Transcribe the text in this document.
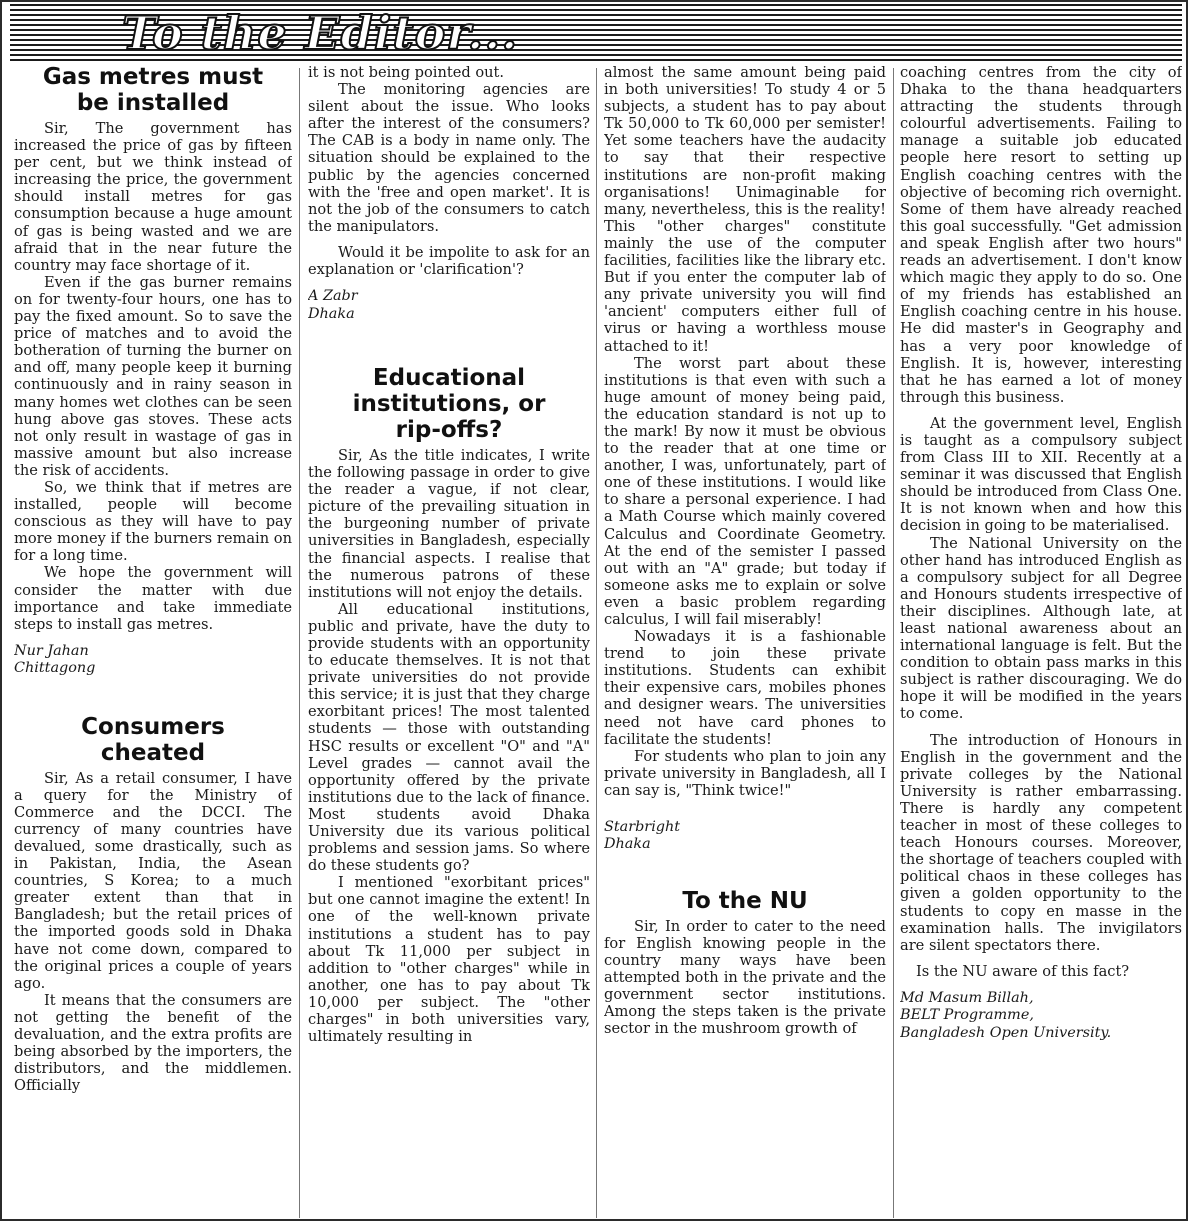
To the Editor...
Gas metres must
be installed

Sir, The government has increased the price of gas by fifteen per cent, but we think instead of increasing the price, the government should install metres for gas consumption because a huge amount of gas is being wasted and we are afraid that in the near future the country may face shortage of it.

Even if the gas burner remains on for twenty-four hours, one has to pay the fixed amount. So to save the price of matches and to avoid the botheration of turning the burner on and off, many people keep it burning continuously and in rainy season in many homes wet clothes can be seen hung above gas stoves. These acts not only result in wastage of gas in massive amount but also increase the risk of accidents.

So, we think that if metres are installed, people will become conscious as they will have to pay more money if the burners remain on for a long time.

We hope the government will consider the matter with due importance and take immediate steps to install gas metres.

Nur Jahan

Chittagong

Consumers
cheated

Sir, As a retail consumer, I have a query for the Ministry of Commerce and the DCCI. The currency of many countries have devalued, some drastically, such as in Pakistan, India, the Asean countries, S Korea; to a much greater extent than that in Bangladesh; but the retail prices of the imported goods sold in Dhaka have not come down, compared to the original prices a couple of years ago.

It means that the consumers are not getting the benefit of the devaluation, and the extra profits are being absorbed by the importers, the distributors, and the middlemen. Officially

it is not being pointed out.

The monitoring agencies are silent about the issue. Who looks after the interest of the consumers? The CAB is a body in name only. The situation should be explained to the public by the agencies concerned with the 'free and open market'. It is not the job of the consumers to catch the manipulators.

Would it be impolite to ask for an explanation or 'clarification'?

A Zabr

Dhaka

Educational
institutions, or
rip-offs?

Sir, As the title indicates, I write the following passage in order to give the reader a vague, if not clear, picture of the prevailing situation in the burgeoning number of private universities in Bangladesh, especially the financial aspects. I realise that the numerous patrons of these institutions will not enjoy the details.

All educational institutions, public and private, have the duty to provide students with an opportunity to educate themselves. It is not that private universities do not provide this service; it is just that they charge exorbitant prices! The most talented students — those with outstanding HSC results or excellent "O" and "A" Level grades — cannot avail the opportunity offered by the private institutions due to the lack of finance. Most students avoid Dhaka University due its various political problems and session jams. So where do these students go?

I mentioned "exorbitant prices" but one cannot imagine the extent! In one of the well-known private institutions a student has to pay about Tk 11,000 per subject in addition to "other charges" while in another, one has to pay about Tk 10,000 per subject. The "other charges" in both universities vary, ultimately resulting in

almost the same amount being paid in both universities! To study 4 or 5 subjects, a student has to pay about Tk 50,000 to Tk 60,000 per semister! Yet some teachers have the audacity to say that their respective institutions are non-profit making organisations! Unimaginable for many, nevertheless, this is the reality! This "other charges" constitute mainly the use of the computer facilities, facilities like the library etc. But if you enter the computer lab of any private university you will find 'ancient' computers either full of virus or having a worthless mouse attached to it!

The worst part about these institutions is that even with such a huge amount of money being paid, the education standard is not up to the mark! By now it must be obvious to the reader that at one time or another, I was, unfortunately, part of one of these institutions. I would like to share a personal experience. I had a Math Course which mainly covered Calculus and Coordinate Geometry. At the end of the semister I passed out with an "A" grade; but today if someone asks me to explain or solve even a basic problem regarding calculus, I will fail miserably!

Nowadays it is a fashionable trend to join these private institutions. Students can exhibit their expensive cars, mobiles phones and designer wears. The universities need not have card phones to facilitate the students!

For students who plan to join any private university in Bangladesh, all I can say is, "Think twice!"

Starbright

Dhaka

To the NU

Sir, In order to cater to the need for English knowing people in the country many ways have been attempted both in the private and the government sector institutions. Among the steps taken is the private sector in the mushroom growth of

coaching centres from the city of Dhaka to the thana headquarters attracting the students through colourful advertisements. Failing to manage a suitable job educated people here resort to setting up English coaching centres with the objective of becoming rich overnight. Some of them have already reached this goal successfully. "Get admission and speak English after two hours" reads an advertisement. I don't know which magic they apply to do so. One of my friends has established an English coaching centre in his house. He did master's in Geography and has a very poor knowledge of English. It is, however, interesting that he has earned a lot of money through this business.

At the government level, English is taught as a compulsory subject from Class III to XII. Recently at a seminar it was discussed that English should be introduced from Class One. It is not known when and how this decision in going to be materialised.

The National University on the other hand has introduced English as a compulsory subject for all Degree and Honours students irrespective of their disciplines. Although late, at least national awareness about an international language is felt. But the condition to obtain pass marks in this subject is rather discouraging. We do hope it will be modified in the years to come.

The introduction of Honours in English in the government and the private colleges by the National University is rather embarrassing. There is hardly any competent teacher in most of these colleges to teach Honours courses. Moreover, the shortage of teachers coupled with political chaos in these colleges has given a golden opportunity to the students to copy en masse in the examination halls. The invigilators are silent spectators there.

Is the NU aware of this fact?

Md Masum Billah,

BELT Programme,

Bangladesh Open University.
